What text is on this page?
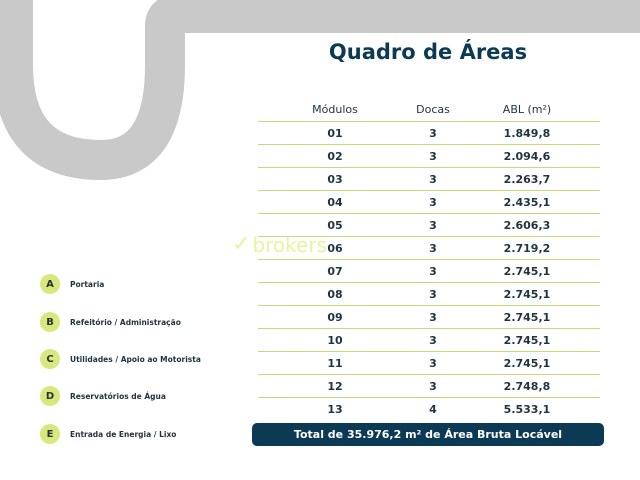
Quadro de Áreas
Módulos	Docas	ABL (m²)
01	3	1.849,8
02	3	2.094,6
03	3	2.263,7
04	3	2.435,1
05	3	2.606,3
06	3	2.719,2
07	3	2.745,1
08	3	2.745,1
09	3	2.745,1
10	3	2.745,1
11	3	2.745,1
12	3	2.748,8
13	4	5.533,1
Total de 35.976,2 m² de Área Bruta Locável
A	Portaria
B	Refeitório / Administração
C	Utilidades / Apoio ao Motorista
D	Reservatórios de Água
E	Entrada de Energia / Lixo
✓ brokers
